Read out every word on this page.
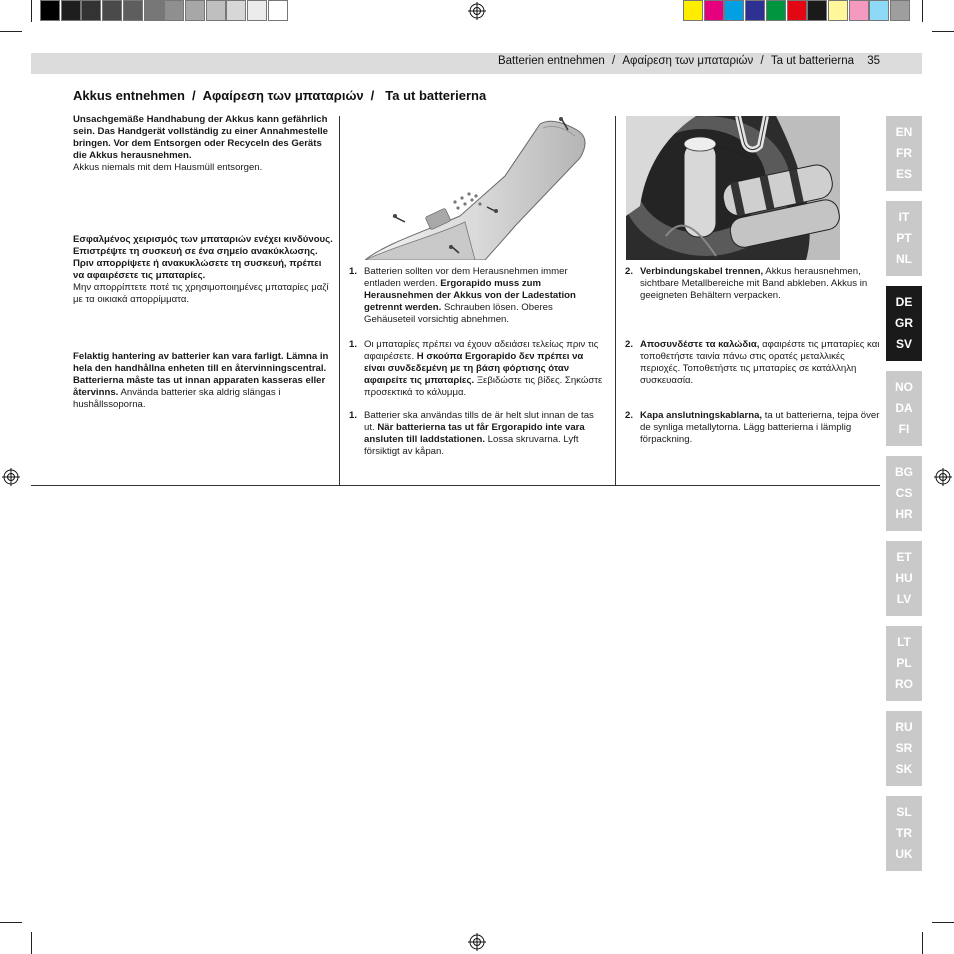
Batterien entnehmen / Αφαίρεση των μπαταριών / Ta ut batterierna 35
Akkus entnehmen / Αφαίρεση των μπαταριών / Ta ut batterierna
Unsachgemäße Handhabung der Akkus kann gefährlich sein. Das Handgerät vollständig zu einer Annahmestelle bringen. Vor dem Entsorgen oder Recyceln des Geräts die Akkus herausnehmen.
Akkus niemals mit dem Hausmüll entsorgen.
Εσφαλμένος χειρισμός των μπαταριών ενέχει κινδύνους. Επιστρέψτε τη συσκευή σε ένα σημείο ανακύκλωσης. Πριν απορρίψετε ή ανακυκλώσετε τη συσκευή, πρέπει να αφαιρέσετε τις μπαταρίες.
Μην απορρίπτετε ποτέ τις χρησιμοποιημένες μπαταρίες μαζί με τα οικιακά απορρίμματα.
Felaktig hantering av batterier kan vara farligt. Lämna in hela den handhållna enheten till en återvinningscentral. Batterierna måste tas ut innan apparaten kasseras eller återvinns. Använda batterier ska aldrig slängas i hushållssoporna.
1. Batterien sollten vor dem Herausnehmen immer entladen werden. Ergorapido muss zum Herausnehmen der Akkus von der Ladestation getrennt werden. Schrauben lösen. Oberes Gehäuseteil vorsichtig abnehmen.

1. Οι μπαταρίες πρέπει να έχουν αδειάσει τελείως πριν τις αφαιρέσετε. Η σκούπα Ergorapido δεν πρέπει να είναι συνδεδεμένη με τη βάση φόρτισης όταν αφαιρείτε τις μπαταρίες. Ξεβιδώστε τις βίδες. Σηκώστε προσεκτικά το κάλυμμα.

1. Batterier ska användas tills de är helt slut innan de tas ut. När batterierna tas ut får Ergorapido inte vara ansluten till laddstationen. Lossa skruvarna. Lyft försiktigt av kåpan.

2. Verbindungskabel trennen, Akkus herausnehmen, sichtbare Metallbereiche mit Band abkleben. Akkus in geeigneten Behältern verpacken.

2. Αποσυνδέστε τα καλώδια, αφαιρέστε τις μπαταρίες και τοποθετήστε ταινία πάνω στις ορατές μεταλλικές περιοχές. Τοποθετήστε τις μπαταρίες σε κατάλληλη συσκευασία.

2. Kapa anslutningskablarna, ta ut batterierna, tejpa över de synliga metallytorna. Lägg batterierna i lämplig förpackning.

EN
FR
ES
IT
PT
NL
DE
GR
SV
NO
DA
FI
BG
CS
HR
ET
HU
LV
LT
PL
RO
RU
SR
SK
SL
TR
UK
